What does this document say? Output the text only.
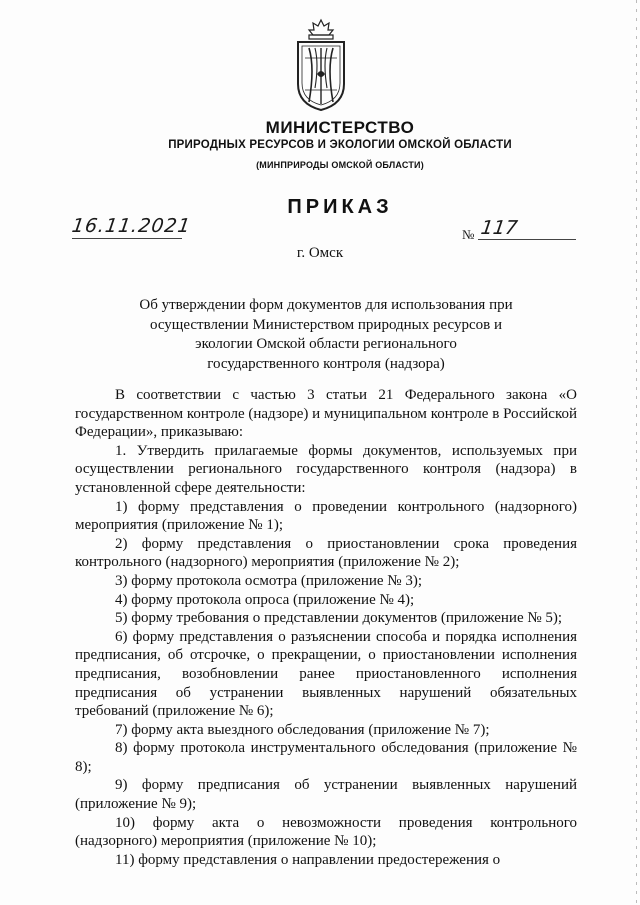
МИНИСТЕРСТВО
ПРИРОДНЫХ РЕСУРСОВ И ЭКОЛОГИИ ОМСКОЙ ОБЛАСТИ
(МИНПРИРОДЫ ОМСКОЙ ОБЛАСТИ)
ПРИКАЗ
16.11.2021	№ 117
г. Омск
Об утверждении форм документов для использования при
осуществлении Министерством природных ресурсов и
экологии Омской области регионального
государственного контроля (надзора)

В соответствии с частью 3 статьи 21 Федерального закона «О государственном контроле (надзоре) и муниципальном контроле в Российской Федерации», приказываю:

1. Утвердить прилагаемые формы документов, используемых при осуществлении регионального государственного контроля (надзора) в установленной сфере деятельности:

1) форму представления о проведении контрольного (надзорного) мероприятия (приложение № 1);

2) форму представления о приостановлении срока проведения контрольного (надзорного) мероприятия (приложение № 2);

3) форму протокола осмотра (приложение № 3);

4) форму протокола опроса (приложение № 4);

5) форму требования о представлении документов (приложение № 5);

6) форму представления о разъяснении способа и порядка исполнения предписания, об отсрочке, о прекращении, о приостановлении исполнения предписания, возобновлении ранее приостановленного исполнения предписания об устранении выявленных нарушений обязательных требований (приложение № 6);

7) форму акта выездного обследования (приложение № 7);

8) форму протокола инструментального обследования (приложение № 8);

9) форму предписания об устранении выявленных нарушений (приложение № 9);

10) форму акта о невозможности проведения контрольного (надзорного) мероприятия (приложение № 10);

11) форму представления о направлении предостережения о
